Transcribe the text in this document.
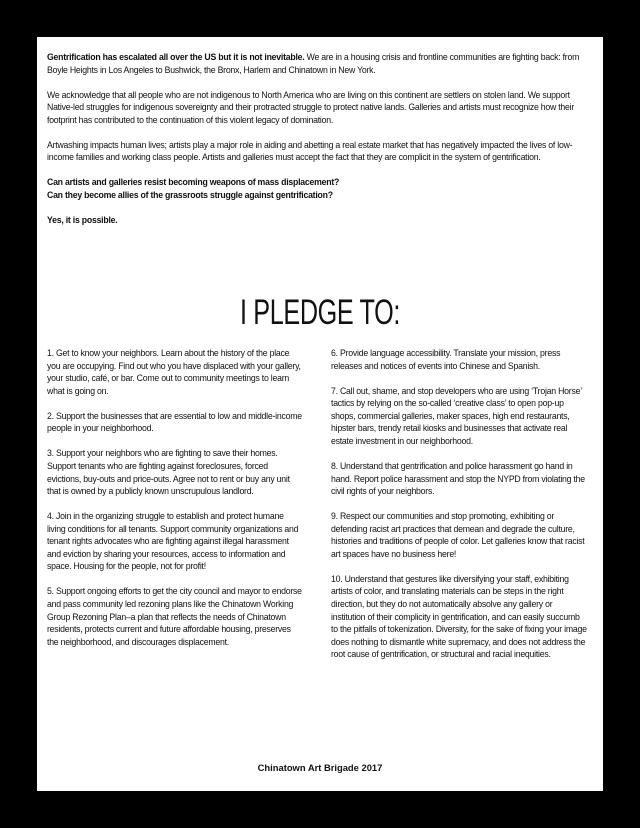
Gentrification has escalated all over the US but it is not inevitable. We are in a housing crisis and frontline communities are fighting back: from Boyle Heights in Los Angeles to Bushwick, the Bronx, Harlem and Chinatown in New York.

We acknowledge that all people who are not indigenous to North America who are living on this continent are settlers on stolen land. We support Native-led struggles for indigenous sovereignty and their protracted struggle to protect native lands. Galleries and artists must recognize how their footprint has contributed to the continuation of this violent legacy of domination.

Artwashing impacts human lives; artists play a major role in aiding and abetting a real estate market that has negatively impacted the lives of low-income families and working class people. Artists and galleries must accept the fact that they are complicit in the system of gentrification.

Can artists and galleries resist becoming weapons of mass displacement?

Can they become allies of the grassroots struggle against gentrification?

Yes, it is possible.

I PLEDGE TO:

1. Get to know your neighbors. Learn about the history of the place you are occupying. Find out who you have displaced with your gallery, your studio, café, or bar. Come out to community meetings to learn what is going on.

2. Support the businesses that are essential to low and middle-income people in your neighborhood.

3. Support your neighbors who are fighting to save their homes. Support tenants who are fighting against foreclosures, forced evictions, buy-outs and price-outs. Agree not to rent or buy any unit that is owned by a publicly known unscrupulous landlord.

4. Join in the organizing struggle to establish and protect humane living conditions for all tenants. Support community organizations and tenant rights advocates who are fighting against illegal harassment and eviction by sharing your resources, access to information and space. Housing for the people, not for profit!

5. Support ongoing efforts to get the city council and mayor to endorse and pass community led rezoning plans like the Chinatown Working Group Rezoning Plan–a plan that reflects the needs of Chinatown residents, protects current and future affordable housing, preserves the neighborhood, and discourages displacement.

6. Provide language accessibility. Translate your mission, press releases and notices of events into Chinese and Spanish.

7. Call out, shame, and stop developers who are using ‘Trojan Horse’ tactics by relying on the so-called ‘creative class’ to open pop-up shops, commercial galleries, maker spaces, high end restaurants, hipster bars, trendy retail kiosks and businesses that activate real estate investment in our neighborhood.

8. Understand that gentrification and police harassment go hand in hand. Report police harassment and stop the NYPD from violating the civil rights of your neighbors.

9. Respect our communities and stop promoting, exhibiting or defending racist art practices that demean and degrade the culture, histories and traditions of people of color. Let galleries know that racist art spaces have no business here!

10. Understand that gestures like diversifying your staff, exhibiting artists of color, and translating materials can be steps in the right direction, but they do not automatically absolve any gallery or institution of their complicity in gentrification, and can easily succumb to the pitfalls of tokenization. Diversity, for the sake of fixing your image does nothing to dismantle white supremacy, and does not address the root cause of gentrification, or structural and racial inequities.

Chinatown Art Brigade 2017
